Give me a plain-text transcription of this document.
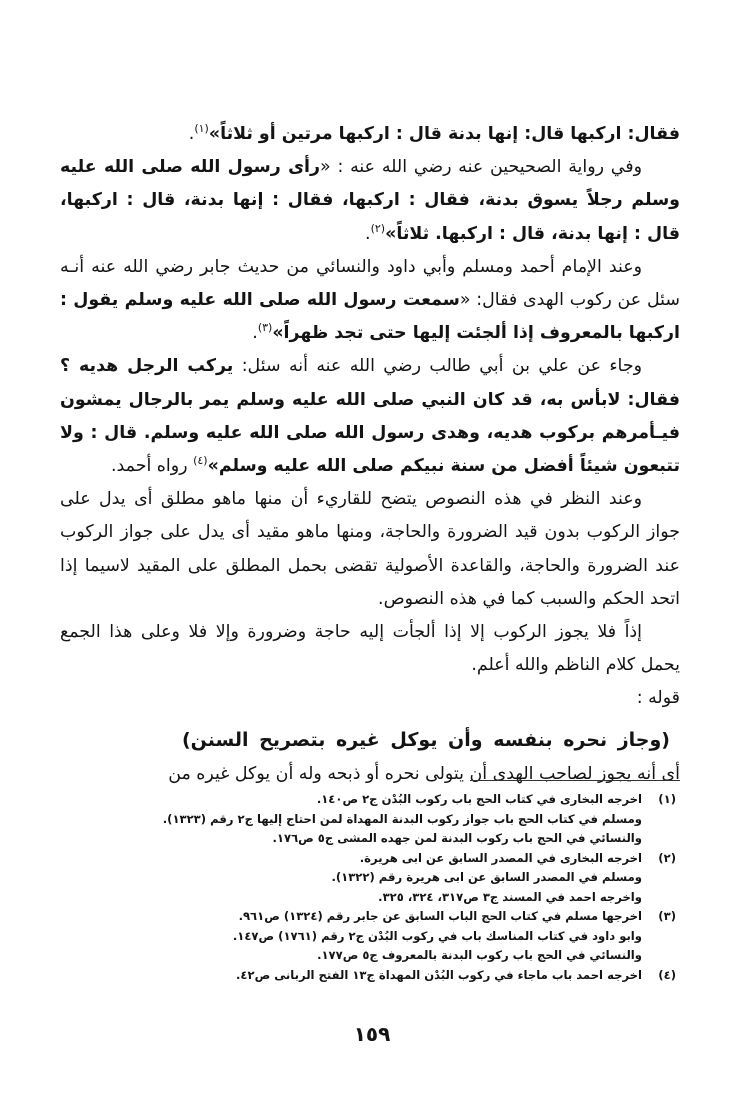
فقال: اركبها قال: إنها بدنة قال : اركبها مرتين أو ثلاثاً»$^{(١)}$.

وفي رواية الصحيحين عنه رضي الله عنه : «رأى رسول الله صلى الله عليه وسلم رجلاً يسوق بدنة، فقال : اركبها، فقال : إنها بدنة، قال : اركبها، قال : إنها بدنة، قال : اركبها. ثلاثاً»$^{(٢)}$.

وعند الإمام أحمد ومسلم وأبي داود والنسائي من حديث جابر رضي الله عنه أنـه سئل عن ركوب الهدى فقال: «سمعت رسول الله صلى الله عليه وسلم يقول : اركبها بالمعروف إذا ألجئت إليها حتى تجد ظهراً»$^{(٣)}$.

وجاء عن علي بن أبي طالب رضي الله عنه أنه سئل: يركب الرجل هديه ؟ فقال: لابأس به، قد كان النبي صلى الله عليه وسلم يمر بالرجال يمشون فيـأمرهم بركوب هديه، وهدى رسول الله صلى الله عليه وسلم. قال : ولا تتبعون شيئاً أفضل من سنة نبيكم صلى الله عليه وسلم»$^{(٤)}$ رواه أحمد.

وعند النظر في هذه النصوص يتضح للقاريء أن منها ماهو مطلق أى يدل على جواز الركوب بدون قيد الضرورة والحاجة، ومنها ماهو مقيد أى يدل على جواز الركوب عند الضرورة والحاجة، والقاعدة الأصولية تقضى بحمل المطلق على المقيد لاسيما إذا اتحد الحكم والسبب كما في هذه النصوص.

إذاً فلا يجوز الركوب إلا إذا ألجأت إليه حاجة وضرورة وإلا فلا وعلى هذا الجمع يحمل كلام الناظم والله أعلم.

قوله :

(وجاز نحره بنفسه وأن يوكل غيره بتصريح السنن)

أى أنه يجوز لصاحب الهدى أن يتولى نحره أو ذبحه وله أن يوكل غيره من

(١)
اخرجه البخارى في كتاب الحج باب ركوب البُدْن ج٢ ص١٤٠.
ومسلم في كتاب الحج باب جواز ركوب البدنة المهداة لمن احتاج إليها ج٢ رقم (١٣٢٣).
والنسائي في الحج باب ركوب البدنة لمن جهده المشى ج٥ ص١٧٦.
(٢)
اخرجه البخارى في المصدر السابق عن ابى هريرة.
ومسلم في المصدر السابق عن ابى هريرة رقم (١٣٢٢).
واخرجه احمد في المسند ج٣ ص٣١٧، ٣٢٤، ٣٢٥.
(٣)
اخرجها مسلم في كتاب الحج الباب السابق عن جابر رقم (١٣٢٤) ص٩٦١.
وابو داود في كتاب المناسك باب في ركوب البُدْن ج٢ رقم (١٧٦١) ص١٤٧.
والنسائي في الحج باب ركوب البدنة بالمعروف ج٥ ص١٧٧.
(٤)
اخرجه احمد باب ماجاء في ركوب البُدْن المهداة ج١٣ الفتح الربانى ص٤٢.
١٥٩
